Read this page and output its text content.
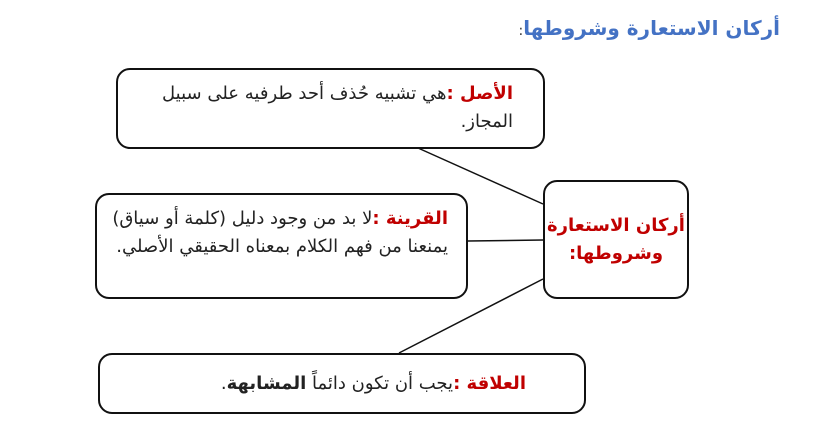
أركان الاستعارة وشروطها:
أركان الاستعارة وشروطها:
الأصل :هي تشبيه حُذف أحد طرفيه على سبيل المجاز.
القرينة :لا بد من وجود دليل (كلمة أو سياق) يمنعنا من فهم الكلام بمعناه الحقيقي الأصلي.
العلاقة :يجب أن تكون دائماً المشابهة.
